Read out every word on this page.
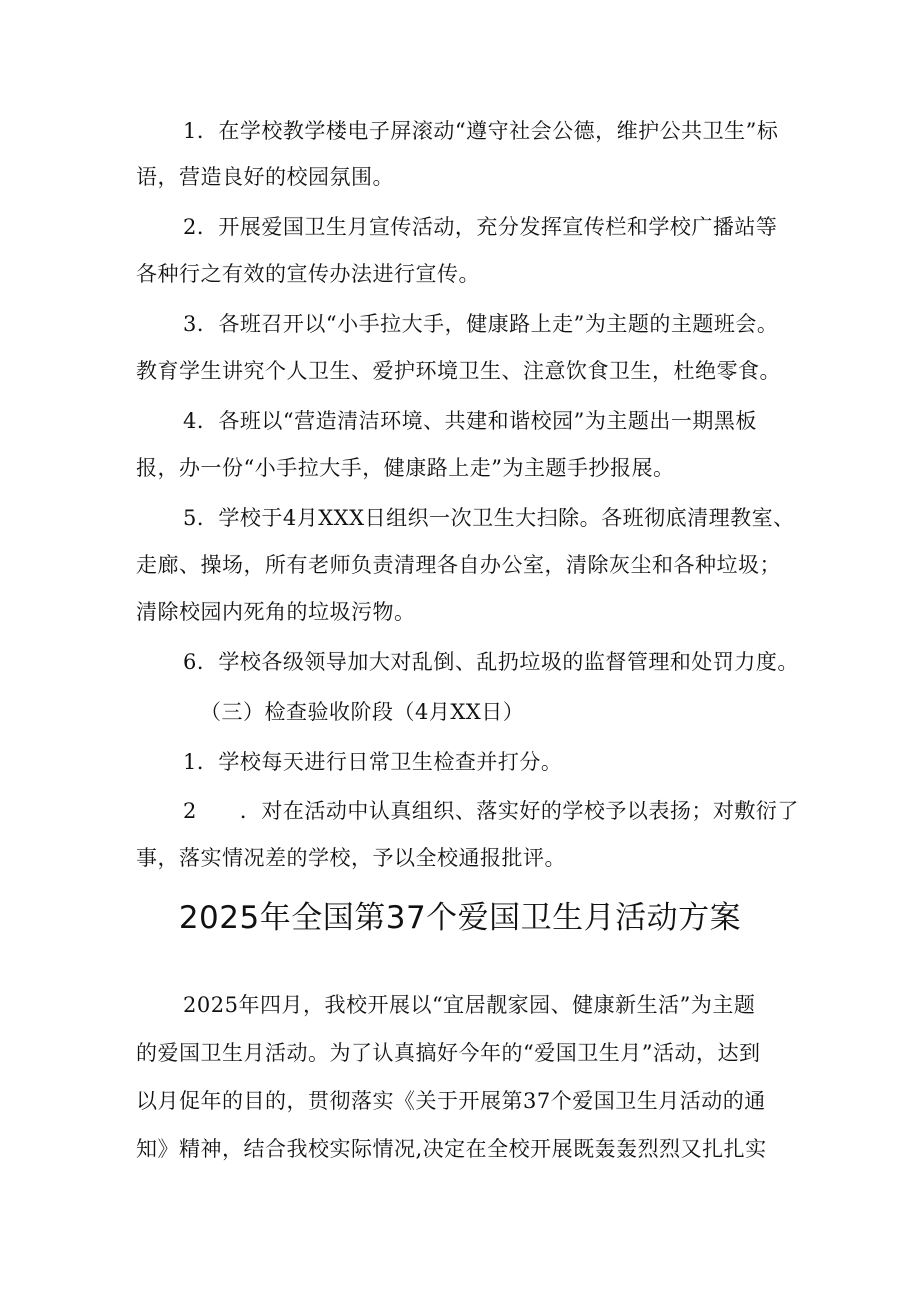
1．在学校教学楼电子屏滚动“遵守社会公德，维护公共卫生”标

语，营造良好的校园氛围。

2．开展爱国卫生月宣传活动，充分发挥宣传栏和学校广播站等

各种行之有效的宣传办法进行宣传。

3．各班召开以“小手拉大手，健康路上走”为主题的主题班会。

教育学生讲究个人卫生、爱护环境卫生、注意饮食卫生，杜绝零食。

4．各班以“营造清洁环境、共建和谐校园”为主题出一期黑板

报，办一份“小手拉大手，健康路上走”为主题手抄报展。

5．学校于4月XXX日组织一次卫生大扫除。各班彻底清理教室、

走廊、操场，所有老师负责清理各自办公室，清除灰尘和各种垃圾；

清除校园内死角的垃圾污物。

6．学校各级领导加大对乱倒、乱扔垃圾的监督管理和处罚力度。

（三）检查验收阶段（4月XX日）

1．学校每天进行日常卫生检查并打分。

2　　．对在活动中认真组织、落实好的学校予以表扬；对敷衍了

事，落实情况差的学校，予以全校通报批评。

2025年全国第37个爱国卫生月活动方案

2025年四月，我校开展以“宜居靓家园、健康新生活”为主题

的爱国卫生月活动。为了认真搞好今年的“爱国卫生月”活动，达到

以月促年的目的，贯彻落实《关于开展第37个爱国卫生月活动的通

知》精神，结合我校实际情况,决定在全校开展既轰轰烈烈又扎扎实
